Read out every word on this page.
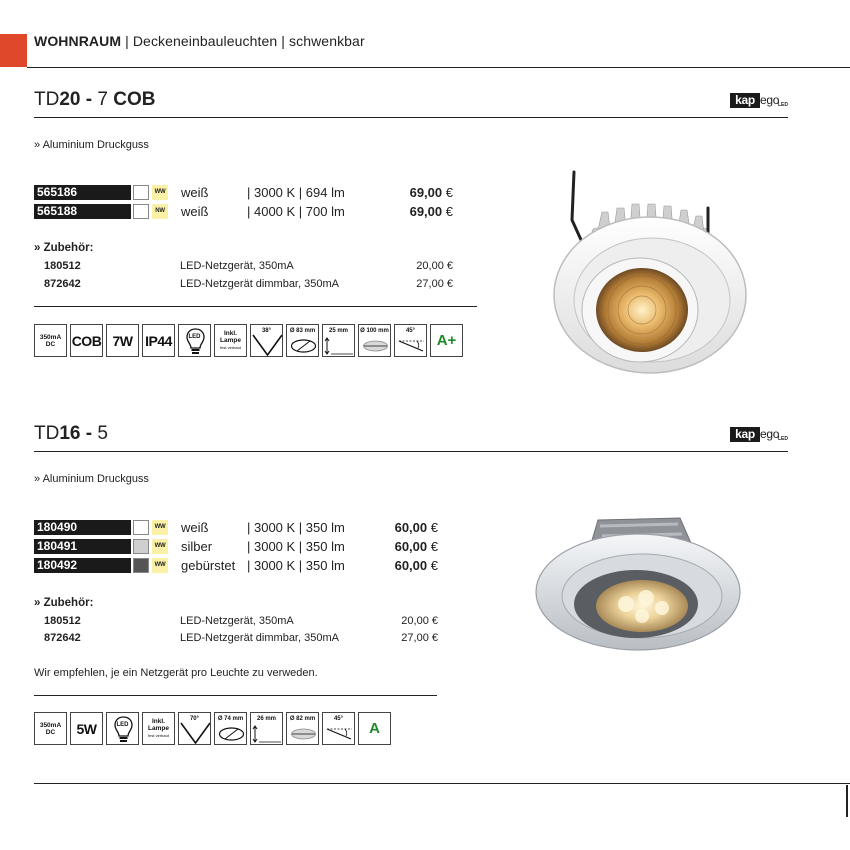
WOHNRAUM | Deckeneinbauleuchten | schwenkbar
TD20 - 7 COB	kap ego
LED
» Aluminium Druckguss
565186	WW weiß	| 3000 K | 694 lm	69,00 €
565188	NW weiß	| 4000 K | 700 lm	69,00 €
» Zubehör:
180512	LED-Netzgerät, 350mA	20,00 €
872642	LED-Netzgerät dimmbar, 350mA	27,00 €
350mA
DC	COB 7W IP44	LED	Inkl.
Lampe
fest verbaut
38°	Ø 83 mm	25 mm	Ø 100 mm	45°
A+
TD16 - 5	kap ego
LED
» Aluminium Druckguss
180490	WW weiß	| 3000 K | 350 lm	60,00 €
180491	WW silber	| 3000 K | 350 lm	60,00 €
180492	WW gebürstet | 3000 K | 350 lm	60,00 €
» Zubehör:
180512	LED-Netzgerät, 350mA	20,00 €
872642	LED-Netzgerät dimmbar, 350mA	27,00 €
Wir empfehlen, je ein Netzgerät pro Leuchte zu verweden.
350mA
DC	5W	LED	Inkl.
Lampe
fest verbaut
70°	Ø 74 mm	26 mm	Ø 82 mm	45°
A
